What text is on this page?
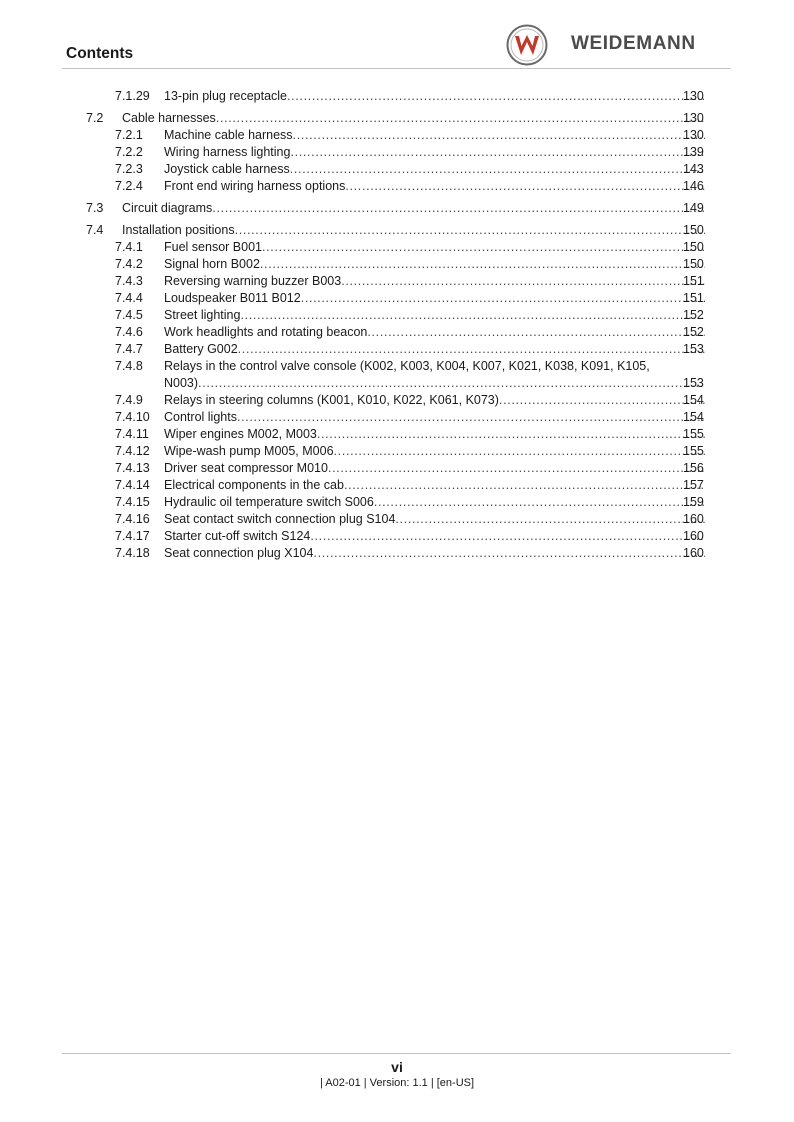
Contents	WEIDEMANN
7.1.29 13-pin plug receptacle . . .	130
7.2 Cable harnesses . . .	130
7.2.1 Machine cable harness . . .	130
7.2.2 Wiring harness lighting . . .	139
7.2.3 Joystick cable harness . . .	143
7.2.4 Front end wiring harness options . . .	146
7.3 Circuit diagrams . . .	149
7.4 Installation positions . . .	150
7.4.1 Fuel sensor B001 . . .	150
7.4.2 Signal horn B002 . . .	150
7.4.3 Reversing warning buzzer B003 . . .	151
7.4.4 Loudspeaker B011 B012 . . .	151
7.4.5 Street lighting . . .	152
7.4.6 Work headlights and rotating beacon . . .	152
7.4.7 Battery G002 . . .	153
7.4.8 Relays in the control valve console (K002, K003, K004, K007, K021, K038, K091, K105,
N003) . . .	153
7.4.9 Relays in steering columns (K001, K010, K022, K061, K073) . . .	154
7.4.10 Control lights . . .	154
7.4.11 Wiper engines M002, M003 . . .	155
7.4.12 Wipe-wash pump M005, M006 . . .	155
7.4.13 Driver seat compressor M010 . . .	156
7.4.14 Electrical components in the cab . . .	157
7.4.15 Hydraulic oil temperature switch S006 . . .	159
7.4.16 Seat contact switch connection plug S104 . . .	160
7.4.17 Starter cut-off switch S124 . . .	160
7.4.18 Seat connection plug X104 . . .	160
vi
| A02-01 | Version: 1.1 | [en-US]
